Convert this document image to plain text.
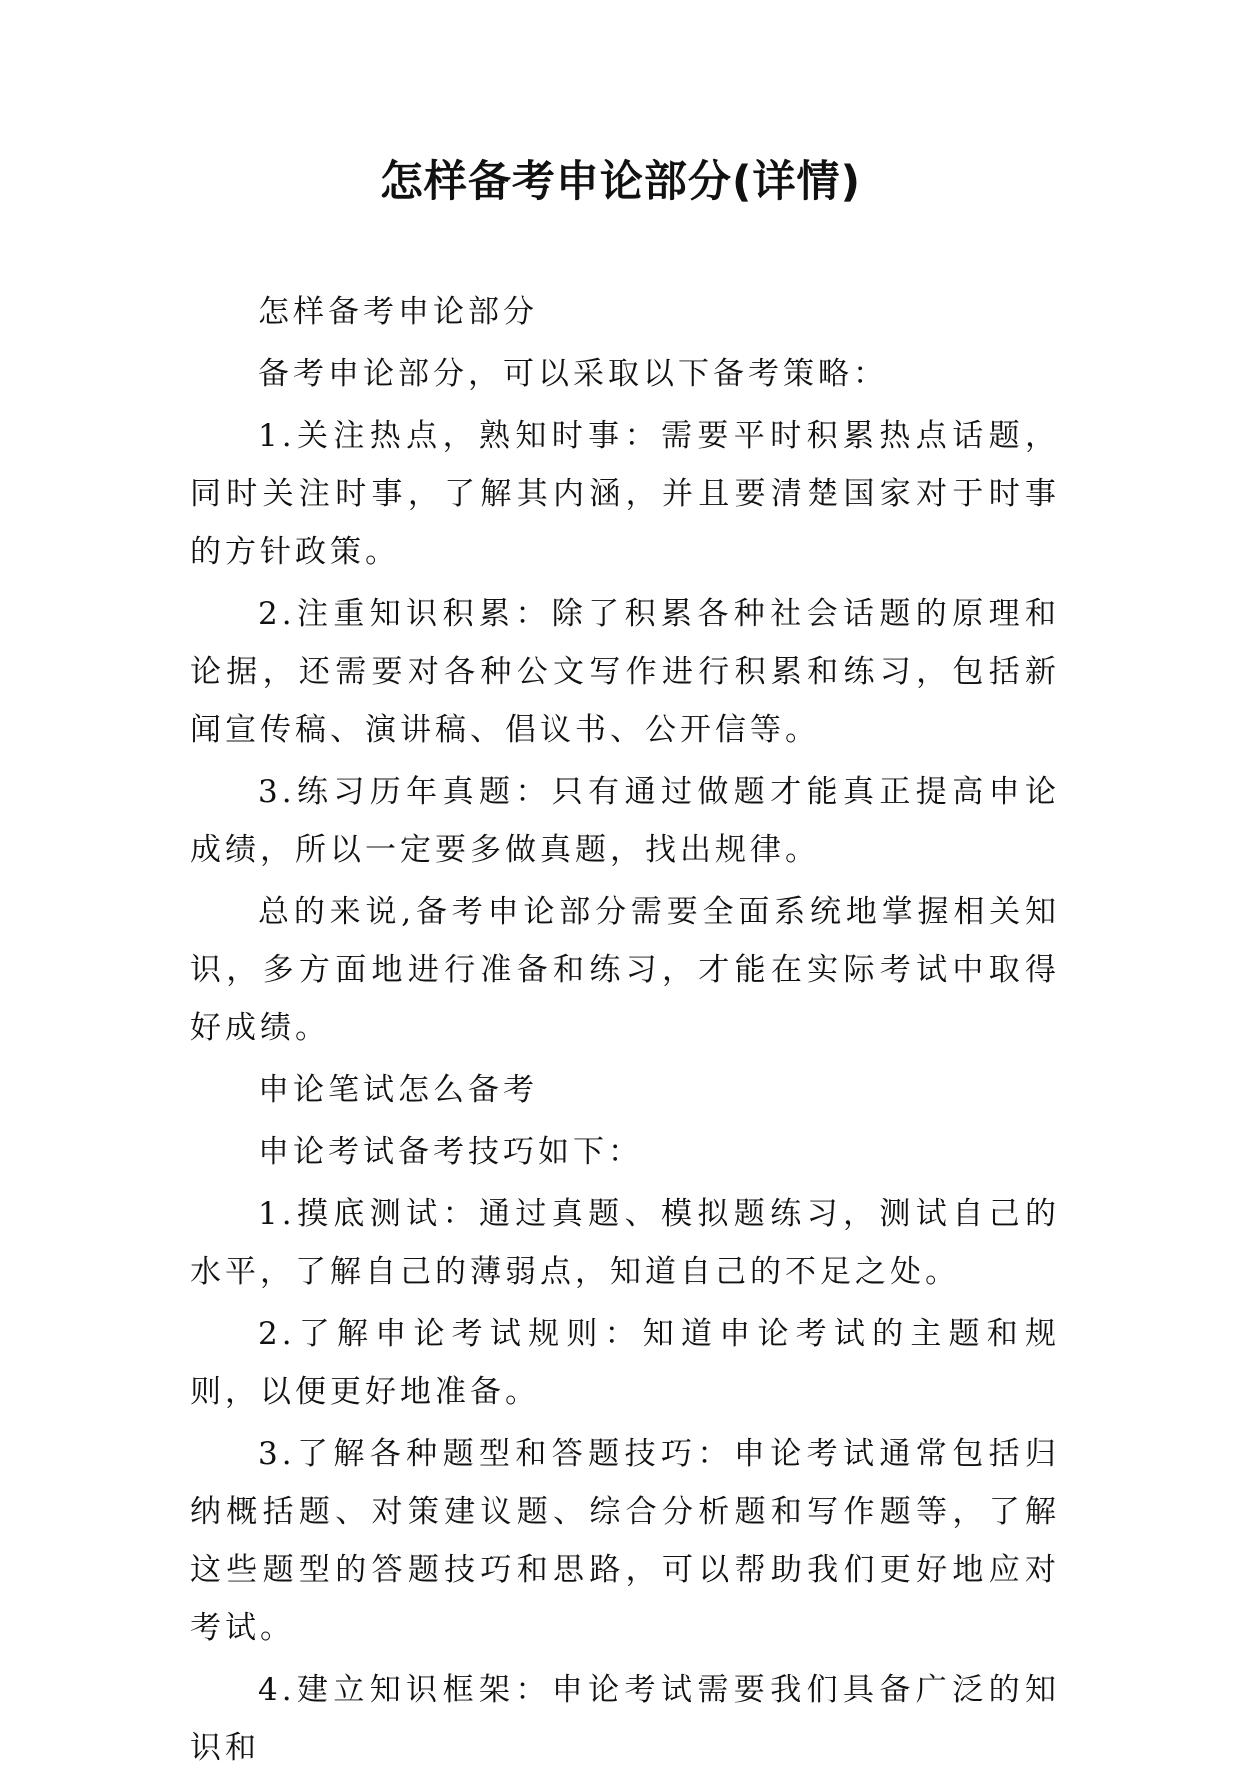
怎样备考申论部分(详情)

怎样备考申论部分

备考申论部分，可以采取以下备考策略：

1.关注热点，熟知时事：需要平时积累热点话题，同时关注时事，了解其内涵，并且要清楚国家对于时事的方针政策。

2.注重知识积累：除了积累各种社会话题的原理和论据，还需要对各种公文写作进行积累和练习，包括新闻宣传稿、演讲稿、倡议书、公开信等。

3.练习历年真题：只有通过做题才能真正提高申论成绩，所以一定要多做真题，找出规律。

总的来说,备考申论部分需要全面系统地掌握相关知识，多方面地进行准备和练习，才能在实际考试中取得好成绩。

申论笔试怎么备考

申论考试备考技巧如下：

1.摸底测试：通过真题、模拟题练习，测试自己的水平，了解自己的薄弱点，知道自己的不足之处。

2.了解申论考试规则：知道申论考试的主题和规则，以便更好地准备。

3.了解各种题型和答题技巧：申论考试通常包括归纳概括题、对策建议题、综合分析题和写作题等，了解这些题型的答题技巧和思路，可以帮助我们更好地应对考试。

4.建立知识框架：申论考试需要我们具备广泛的知识和
